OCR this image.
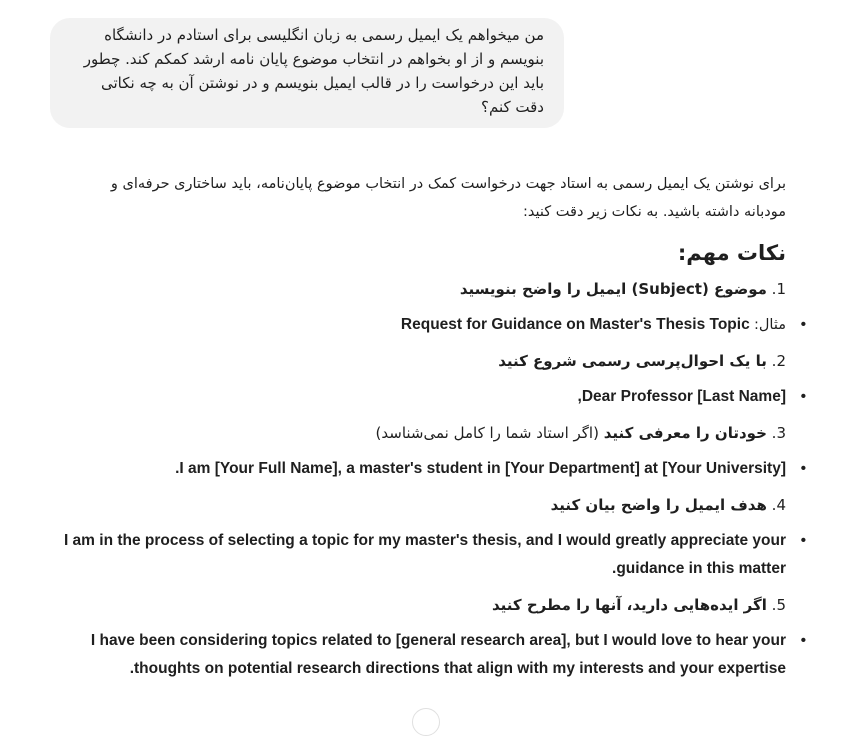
من میخواهم یک ایمیل رسمی به زبان انگلیسی برای استادم در دانشگاه بنویسم و از او بخواهم در انتخاب موضوع پایان نامه ارشد کمکم کند. چطور باید این درخواست را در قالب ایمیل بنویسم و در نوشتن آن به چه نکاتی دقت کنم؟

برای نوشتن یک ایمیل رسمی به استاد جهت درخواست کمک در انتخاب موضوع پایان‌نامه، باید ساختاری حرفه‌ای و مودبانه داشته باشید. به نکات زیر دقت کنید:

نکات مهم:
1. موضوع (Subject) ایمیل را واضح بنویسید
•
مثال: Request for Guidance on Master's Thesis Topic
2. با یک احوال‌پرسی رسمی شروع کنید
•
Dear Professor [Last Name],
3. خودتان را معرفی کنید (اگر استاد شما را کامل نمی‌شناسد)
•
I am [Your Full Name], a master's student in [Your Department] at [Your University].
4. هدف ایمیل را واضح بیان کنید
•
I am in the process of selecting a topic for my master's thesis, and I would greatly appreciate your guidance in this matter.
5. اگر ایده‌هایی دارید، آنها را مطرح کنید
•
I have been considering topics related to [general research area], but I would love to hear your thoughts on potential research directions that align with my interests and your expertise.
